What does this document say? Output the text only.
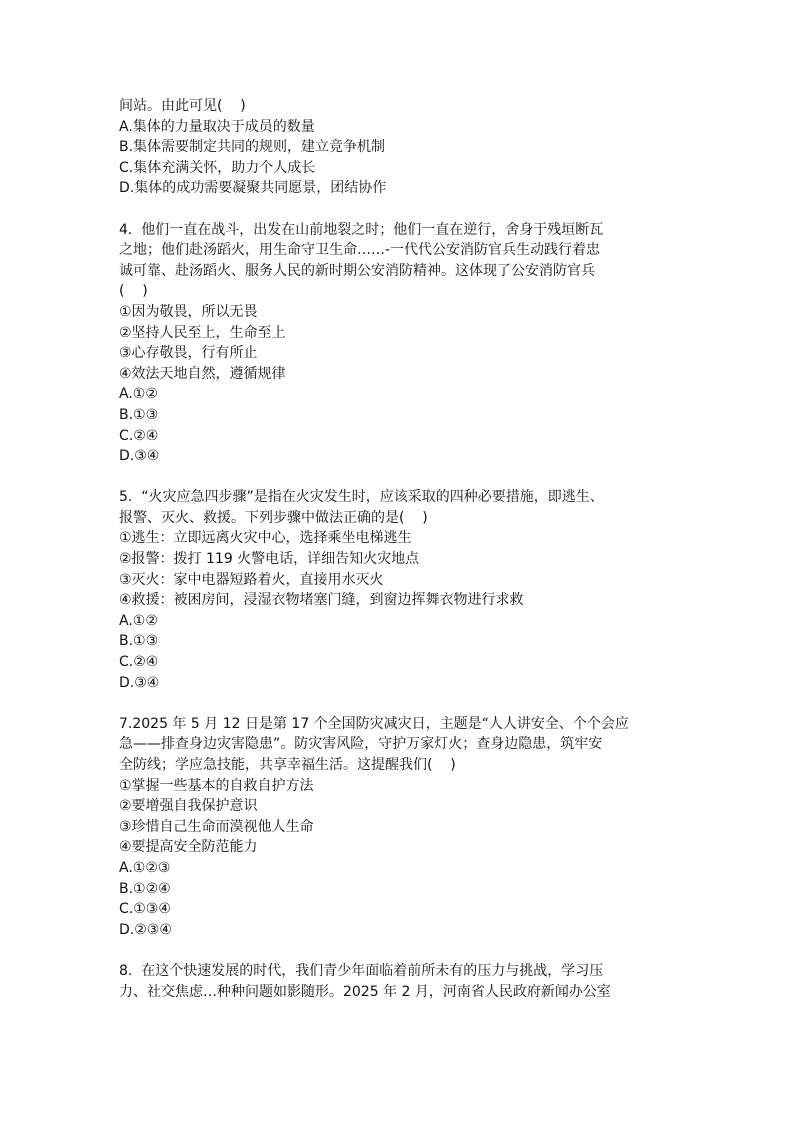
间站。由此可见(    )
A.集体的力量取决于成员的数量
B.集体需要制定共同的规则，建立竞争机制
C.集体充满关怀，助力个人成长
D.集体的成功需要凝聚共同愿景，团结协作
4.  他们一直在战斗，出发在山前地裂之时；他们一直在逆行，舍身于残垣断瓦
之地；他们赴汤蹈火，用生命守卫生命……-一代代公安消防官兵生动践行着忠
诚可靠、赴汤蹈火、服务人民的新时期公安消防精神。这体现了公安消防官兵
(    )
①因为敬畏，所以无畏
②坚持人民至上，生命至上
③心存敬畏，行有所止
④效法天地自然，遵循规律
A.①②
B.①③
C.②④
D.③④
5.  “火灾应急四步骤”是指在火灾发生时，应该采取的四种必要措施，即逃生、
报警、灭火、救援。下列步骤中做法正确的是(    )
①逃生：立即远离火灾中心，选择乘坐电梯逃生
②报警：拨打 119 火警电话，详细告知火灾地点
③灭火：家中电器短路着火，直接用水灭火
④救援：被困房间，浸湿衣物堵塞门缝，到窗边挥舞衣物进行求救
A.①②
B.①③
C.②④
D.③④
7.2025 年 5 月 12 日是第 17 个全国防灾减灾日，主题是“人人讲安全、个个会应
急——排查身边灾害隐患”。防灾害风险，守护万家灯火；查身边隐患，筑牢安
全防线；学应急技能，共享幸福生活。这提醒我们(    )
①掌握一些基本的自救自护方法
②要增强自我保护意识
③珍惜自己生命而漠视他人生命
④要提高安全防范能力
A.①②③
B.①②④
C.①③④
D.②③④
8.  在这个快速发展的时代，我们青少年面临着前所未有的压力与挑战，学习压
力、社交焦虑…种种问题如影随形。2025 年 2 月，河南省人民政府新闻办公室
